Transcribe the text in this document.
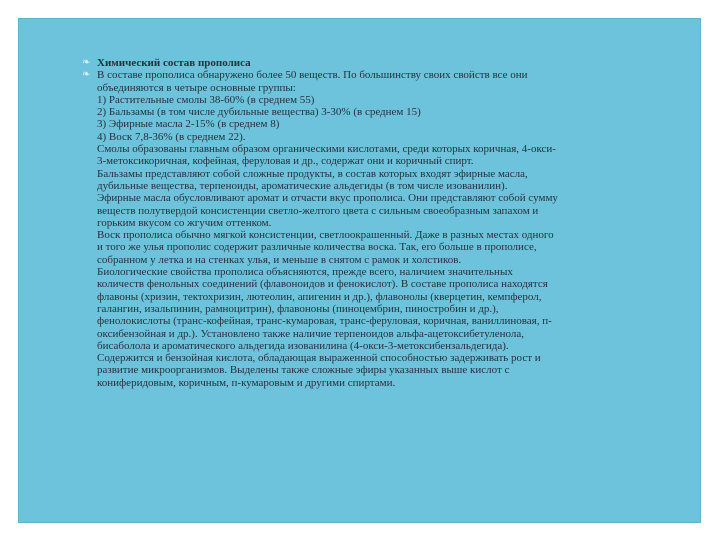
❧ Химический состав прополиса
❧ В составе прополиса обнаружено более 50 веществ. По большинству своих свойств все они
объединяются в четыре основные группы:
1) Растительные смолы 38-60% (в среднем 55)
2) Бальзамы (в том числе дубильные вещества) 3-30% (в среднем 15)
3) Эфирные масла 2-15% (в среднем 8)
4) Воск 7,8-36% (в среднем 22).
Смолы образованы главным образом органическими кислотами, среди которых коричная, 4-окси-
3-метоксикоричная, кофейная, феруловая и др., содержат они и коричный спирт.
Бальзамы представляют собой сложные продукты, в состав которых входят эфирные масла,
дубильные вещества, терпеноиды, ароматические альдегиды (в том числе изованилин).
Эфирные масла обусловливают аромат и отчасти вкус прополиса. Они представляют собой сумму
веществ полутвердой консистенции светло-желтого цвета с сильным своеобразным запахом и
горьким вкусом со жгучим оттенком.
Воск прополиса обычно мягкой консистенции, светлоокрашенный. Даже в разных местах одного
и того же улья прополис содержит различные количества воска. Так, его больше в прополисе,
собранном у летка и на стенках улья, и меньше в снятом с рамок и холстиков.
Биологические свойства прополиса объясняются, прежде всего, наличием значительных
количеств фенольных соединений (флавоноидов и фенокислот). В составе прополиса находятся
флавоны (хризин, тектохризин, лютеолин, апигенин и др.), флавонолы (кверцетин, кемпферол,
галангин, изальпинин, рамноцитрин), флавононы (пиноцембрин, пиностробин и др.),
фенолокислоты (транс-кофейная, транс-кумаровая, транс-феруловая, коричная, ваниллиновая, п-
оксибензойная и др.). Установлено также наличие терпеноидов альфа-ацетоксибетуленола,
бисаболола и ароматического альдегида изованилина (4-окси-3-метоксибензальдегида).
Содержится и бензойная кислота, обладающая выраженной способностью задерживать рост и
развитие микроорганизмов. Выделены также сложные эфиры указанных выше кислот с
кониферидовым, коричным, п-кумаровым и другими спиртами.
